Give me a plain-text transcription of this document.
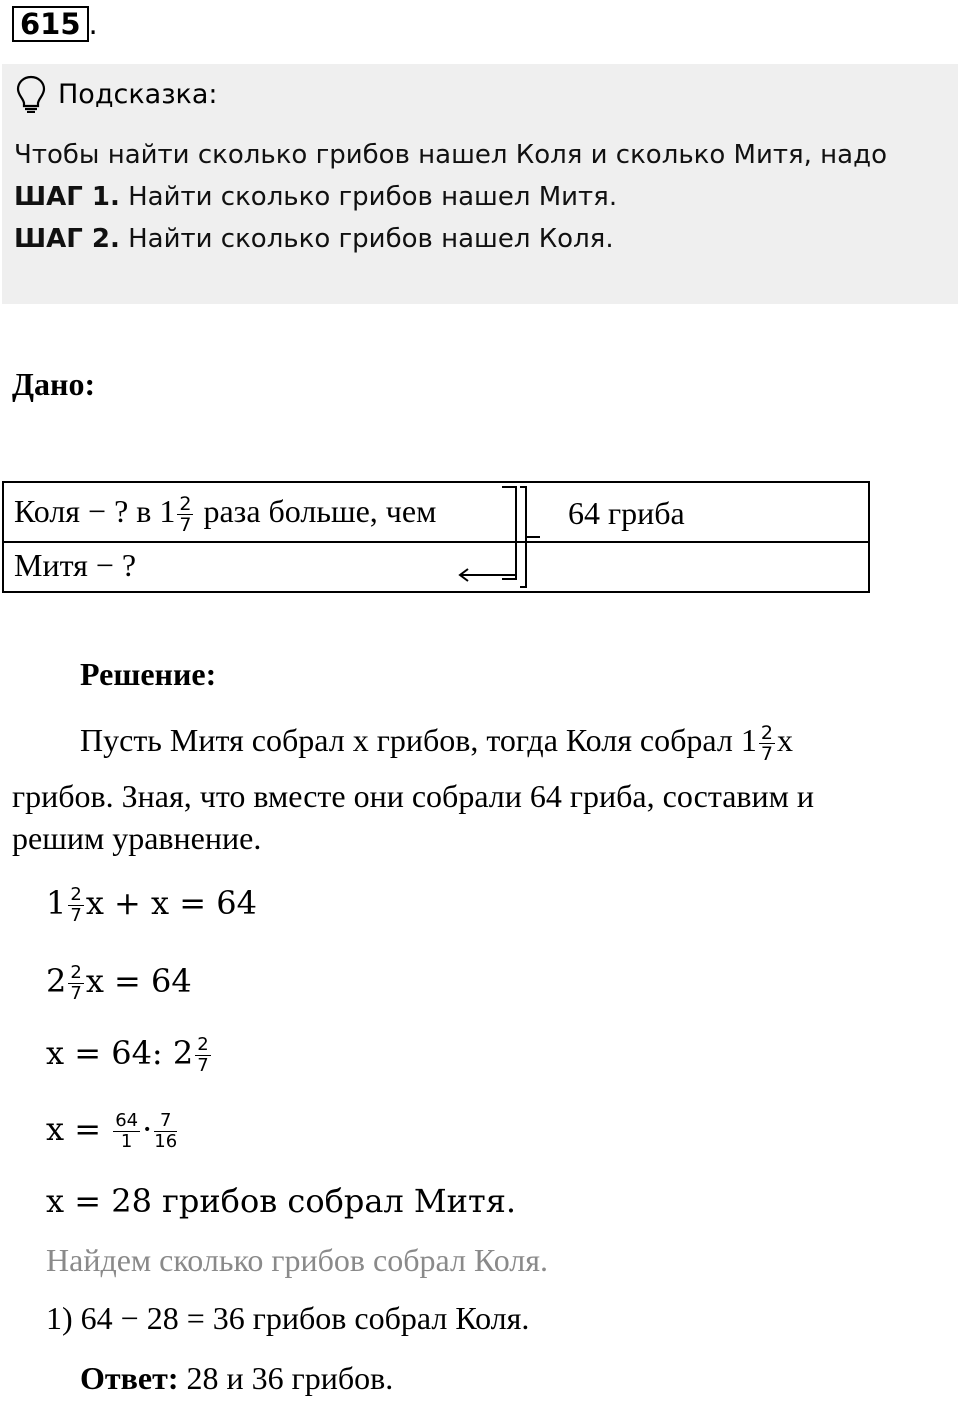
615 .
Подсказка:
Чтобы найти сколько грибов нашел Коля и сколько Митя, надо
ШАГ 1. Найти сколько грибов нашел Митя.
ШАГ 2. Найти сколько грибов нашел Коля.
Дано:
Коля − ? в $1 \frac{2}{7}$ раза больше, чем
Митя − ?
64 гриба
Решение:
Пусть Митя собрал х грибов, тогда Коля собрал $1 \frac{2}{7}$ x
грибов. Зная, что вместе они собрали 64 гриба, составим и
решим уравнение.
$1 \frac{2}{7}$ x + x = 64
$2 \frac{2}{7}$ x = 64
x = 64: $2 \frac{2}{7}$
$x = \frac{64}{1} \cdot \frac{7}{16}$
x = 28 грибов собрал Митя.
Найдем сколько грибов собрал Коля.
1) 64 − 28 = 36 грибов собрал Коля.
Ответ: 28 и 36 грибов.
